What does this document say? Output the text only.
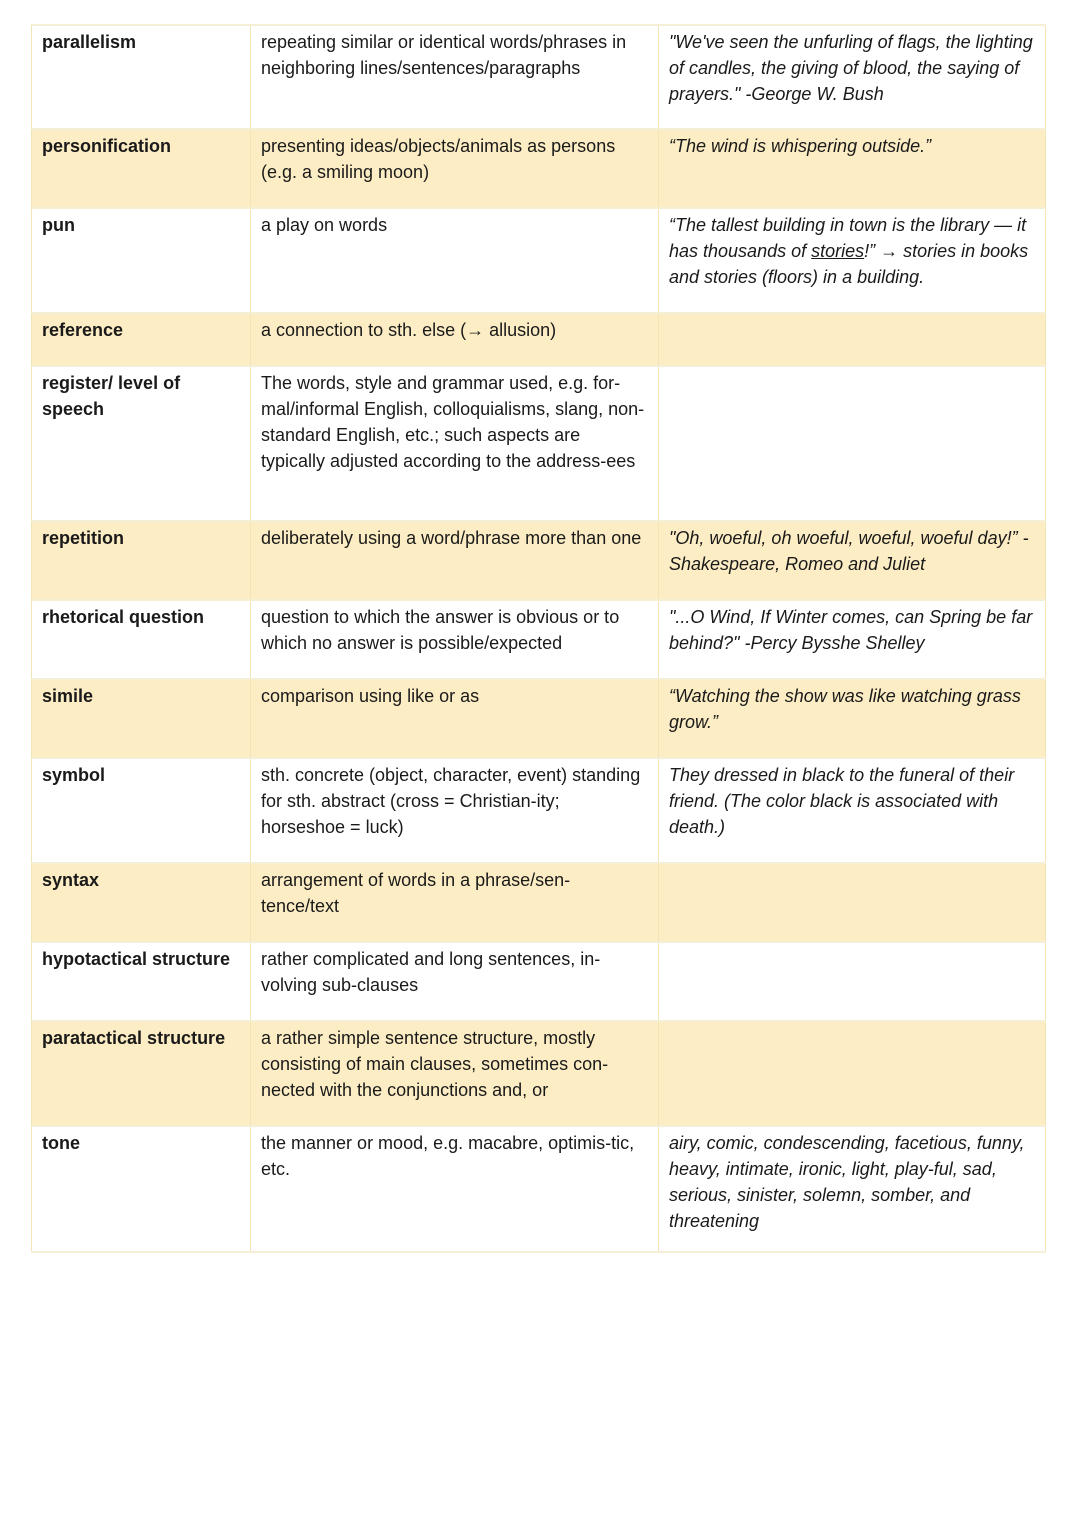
parallelism	repeating similar or identical words/phrases in neighboring lines/sentences/paragraphs	"We've seen the unfurling of flags, the lighting of candles, the giving of blood, the saying of prayers." -George W. Bush
personification	presenting ideas/objects/animals as persons (e.g. a smiling moon)	“The wind is whispering outside.”
pun	a play on words	“The tallest building in town is the library — it has thousands of stories!” → stories in books and stories (floors) in a building.
reference	a connection to sth. else (→ allusion)	
register/ level of speech	The words, style and grammar used, e.g. for-mal/informal English, colloquialisms, slang, non-standard English, etc.; such aspects are typically adjusted according to the address-ees	
repetition	deliberately using a word/phrase more than one	"Oh, woeful, oh woeful, woeful, woeful day!” - Shakespeare, Romeo and Juliet
rhetorical question	question to which the answer is obvious or to which no answer is possible/expected	"...O Wind, If Winter comes, can Spring be far behind?" -Percy Bysshe Shelley
simile	comparison using like or as	“Watching the show was like watching grass grow.”
symbol	sth. concrete (object, character, event) standing for sth. abstract (cross = Christian-ity; horseshoe = luck)	They dressed in black to the funeral of their friend. (The color black is associated with death.)
syntax	arrangement of words in a phrase/sen-tence/text	
hypotactical structure	rather complicated and long sentences, in-volving sub-clauses	
paratactical structure	a rather simple sentence structure, mostly consisting of main clauses, sometimes con-nected with the conjunctions and, or	
tone	the manner or mood, e.g. macabre, optimis-tic, etc.	airy, comic, condescending, facetious, funny, heavy, intimate, ironic, light, play-ful, sad, serious, sinister, solemn, somber, and threatening
